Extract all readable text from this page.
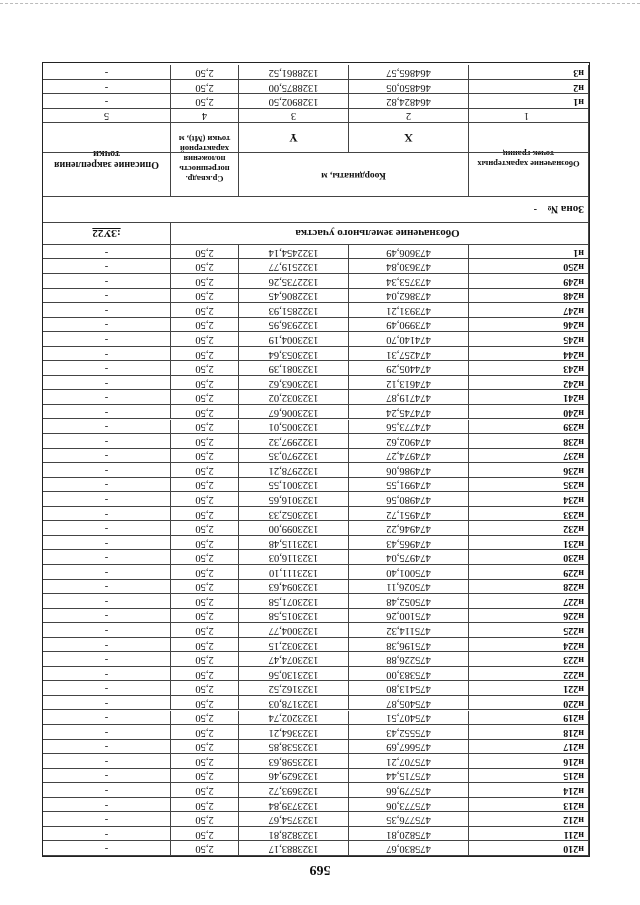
569
н210
475830,67
1323883,17
2,50
-
н211
475820,81
1323828,81
2,50
-
н212
475776,35
1323754,67
2,50
-
н213
475773,06
1323739,84
2,50
-
н214
475779,66
1323693,72
2,50
-
н215
475715,44
1323629,46
2,50
-
н216
475707,21
1323598,63
2,50
-
н217
475667,69
1323538,85
2,50
-
н218
475552,43
1323364,21
2,50
-
н219
475407,51
1323202,74
2,50
-
н220
475405,87
1323178,03
2,50
-
н221
475413,80
1323162,52
2,50
-
н222
475383,00
1323130,56
2,50
-
н223
475226,88
1323074,47
2,50
-
н224
475196,38
1323032,15
2,50
-
н225
475114,32
1323004,77
2,50
-
н226
475100,26
1323015,58
2,50
-
н227
475052,48
1323071,58
2,50
-
н228
475026,11
1323094,63
2,50
-
н229
475001,40
1323111,10
2,50
-
н230
474975,04
1323116,03
2,50
-
н231
474965,43
1323115,48
2,50
-
н232
474946,22
1323099,00
2,50
-
н233
474951,72
1323052,33
2,50
-
н234
474980,56
1323016,65
2,50
-
н235
474991,55
1323001,55
2,50
-
н236
474986,06
1322978,21
2,50
-
н237
474974,27
1322970,35
2,50
-
н238
474902,62
1322997,32
2,50
-
н239
474773,56
1323005,01
2,50
-
н240
474745,24
1323006,67
2,50
-
н241
474719,87
1323032,02
2,50
-
н242
474613,12
1323063,62
2,50
-
н243
474405,29
1323081,39
2,50
-
н244
474257,31
1323053,64
2,50
-
н245
474140,70
1323004,19
2,50
-
н246
473990,49
1322936,95
2,50
-
н247
473931,21
1322851,93
2,50
-
н248
473862,04
1322806,45
2,50
-
н249
473753,34
1322735,26
2,50
-
н250
473630,84
1322519,77
2,50
-
н1
473606,49
1322454,14
2,50
-
Обозначение земельного участка
:ЗУ22
Зона №
-
Обозначение характерных точек границ
Координаты, м
Ср.квадр. погрешность положения характерной точки (Mt), м
Описание закрепления точки
X
Y
1
2
3
4
5
н1
464824,82
1328902,50
2,50
-
н2
464850,05
1328875,00
2,50
-
н3
464865,57
1328861,52
2,50
-
